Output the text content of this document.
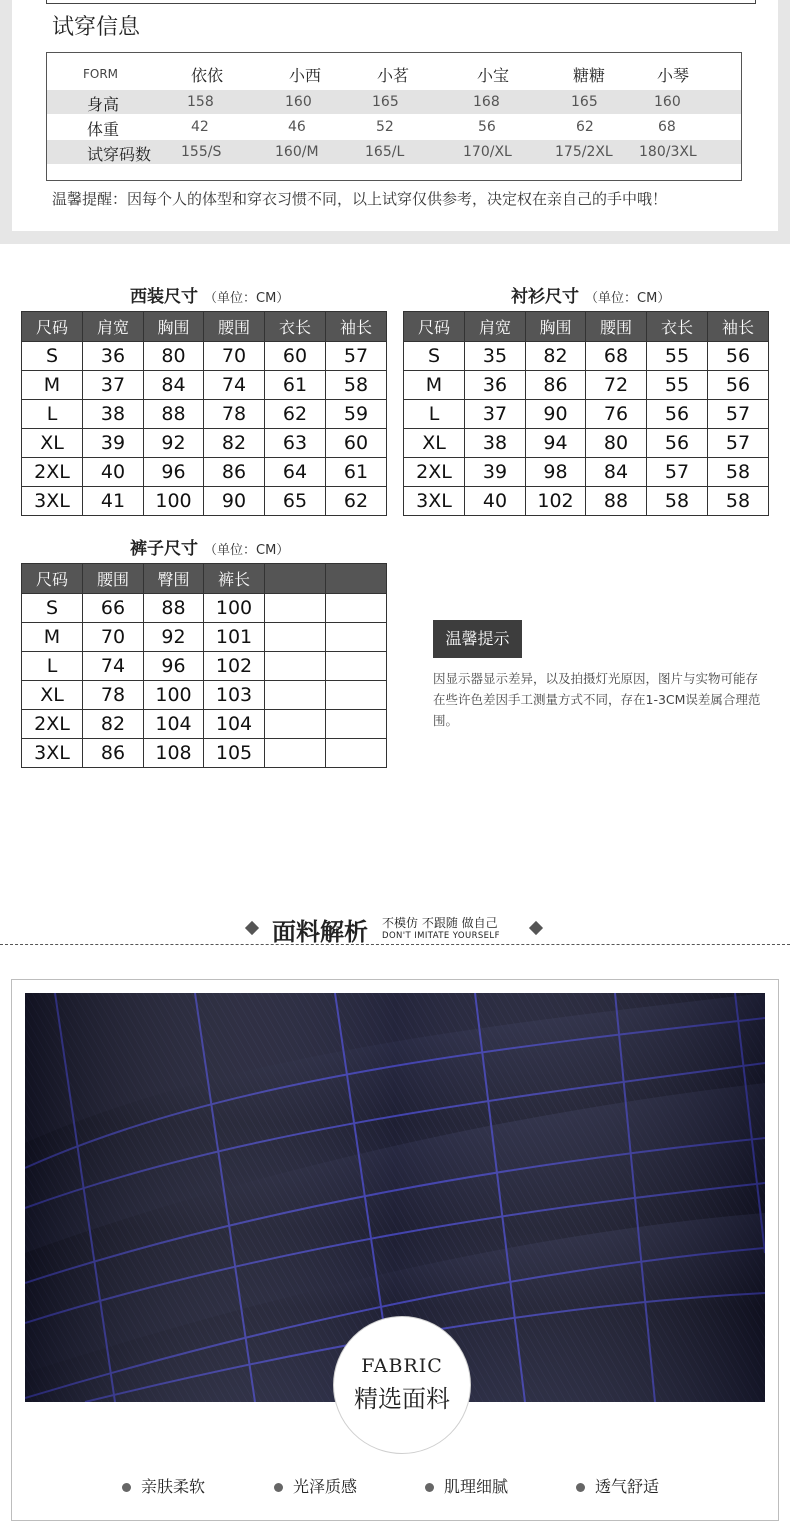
试穿信息
FORM	依依	小西	小茗	小宝	糖糖	小琴
身高	158	160	165	168	165	160
体重	42	46	52	56	62	68
试穿码数 155/S	160/M	165/L	170/XL	175/2XL 180/3XL
温馨提醒：因每个人的体型和穿衣习惯不同，以上试穿仅供参考，决定权在亲自己的手中哦！
西装尺寸 （单位：CM）
尺码	肩宽	胸围	腰围	衣长	袖长
S	36	80	70	60	57
M	37	84	74	61	58
L	38	88	78	62	59
XL	39	92	82	63	60
2XL	40	96	86	64	61
3XL	41	100	90	65	62
衬衫尺寸 （单位：CM）
尺码	肩宽	胸围	腰围	衣长	袖长
S	35	82	68	55	56
M	36	86	72	55	56
L	37	90	76	56	57
XL	38	94	80	56	57
2XL	39	98	84	57	58
3XL	40	102	88	58	58
裤子尺寸 （单位：CM）
尺码	腰围	臀围	裤长		
S	66	88	100		
M	70	92	101		
L	74	96	102		
XL	78	100	103		
2XL	82	104	104		
3XL	86	108	105		
温馨提示
因显示器显示差异，以及拍摄灯光原因，图片与实物可能存在些许色差因手工测量方式不同，存在1-3CM误差属合理范围。
面料解析 不模仿 不跟随 做自己
DON'T IMITATE YOURSELF
FABRIC
精选面料
亲肤柔软	光泽质感	肌理细腻	透气舒适
